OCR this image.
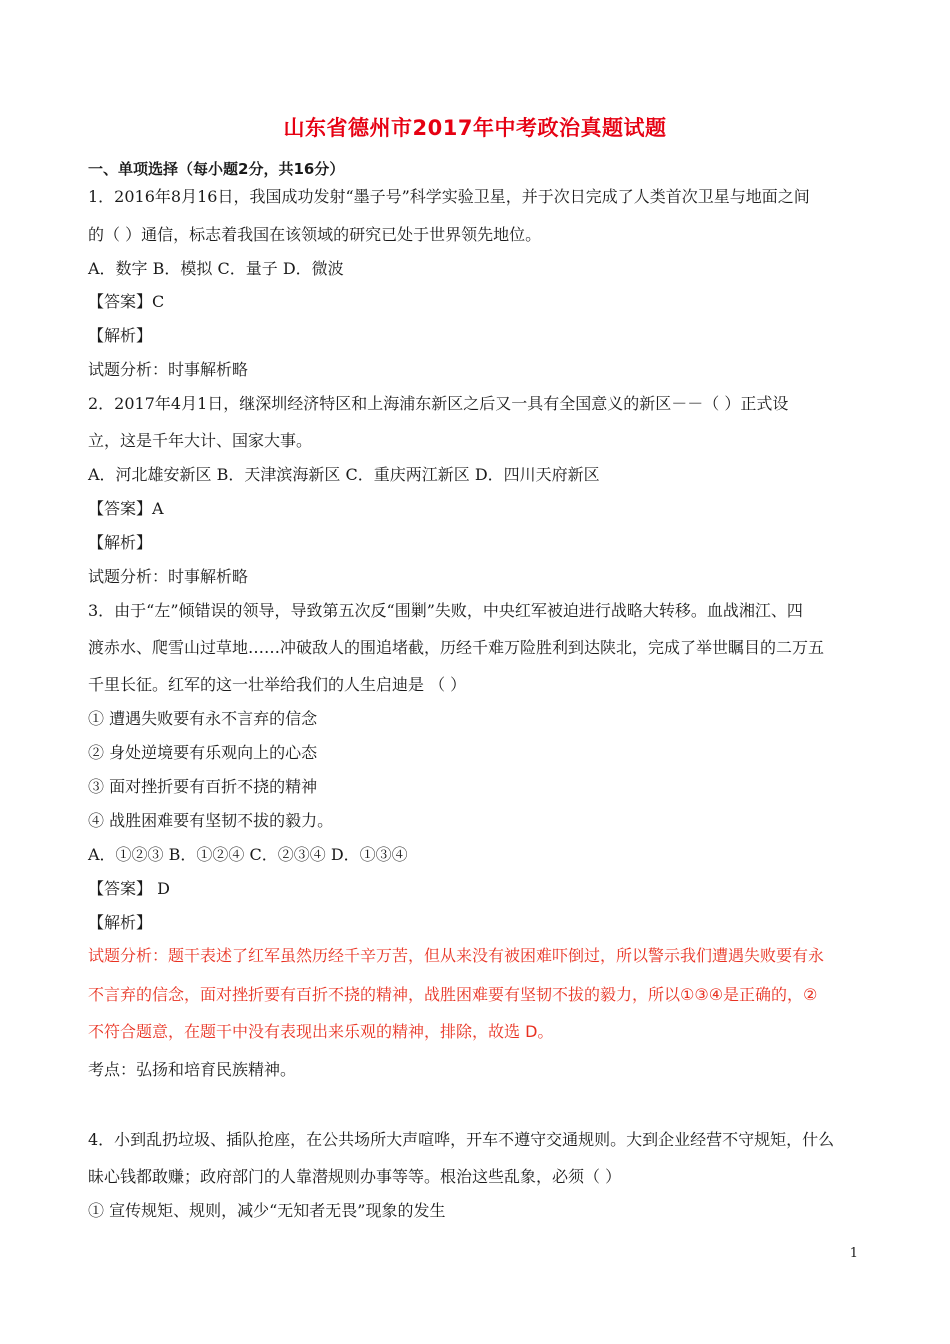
山东省德州市2017年中考政治真题试题
一、单项选择（每小题2分，共16分）
1．2016年8月16日，我国成功发射“墨子号”科学实验卫星，并于次日完成了人类首次卫星与地面之间
的（ ）通信，标志着我国在该领域的研究已处于世界领先地位。
A．数字 B．模拟 C．量子 D．微波
【答案】C
【解析】
试题分析：时事解析略
2．2017年4月1日，继深圳经济特区和上海浦东新区之后又一具有全国意义的新区－－（ ）正式设
立，这是千年大计、国家大事。
A．河北雄安新区 B．天津滨海新区 C．重庆两江新区 D．四川天府新区
【答案】A
【解析】
试题分析：时事解析略
3．由于“左”倾错误的领导，导致第五次反“围剿”失败，中央红军被迫进行战略大转移。血战湘江、四
渡赤水、爬雪山过草地……冲破敌人的围追堵截，历经千难万险胜利到达陕北，完成了举世瞩目的二万五
千里长征。红军的这一壮举给我们的人生启迪是 （ ）
① 遭遇失败要有永不言弃的信念
② 身处逆境要有乐观向上的心态
③ 面对挫折要有百折不挠的精神
④ 战胜困难要有坚韧不拔的毅力。
A．①②③ B．①②④ C．②③④ D．①③④
【答案】 D
【解析】
试题分析：题干表述了红军虽然历经千辛万苦，但从来没有被困难吓倒过，所以警示我们遭遇失败要有永
不言弃的信念，面对挫折要有百折不挠的精神，战胜困难要有坚韧不拔的毅力，所以①③④是正确的，②
不符合题意，在题干中没有表现出来乐观的精神，排除，故选 D。
考点：弘扬和培育民族精神。
4．小到乱扔垃圾、插队抢座，在公共场所大声喧哗，开车不遵守交通规则。大到企业经营不守规矩，什么
昧心钱都敢赚；政府部门的人靠潜规则办事等等。根治这些乱象，必须（ ）
① 宣传规矩、规则，减少“无知者无畏”现象的发生
1
